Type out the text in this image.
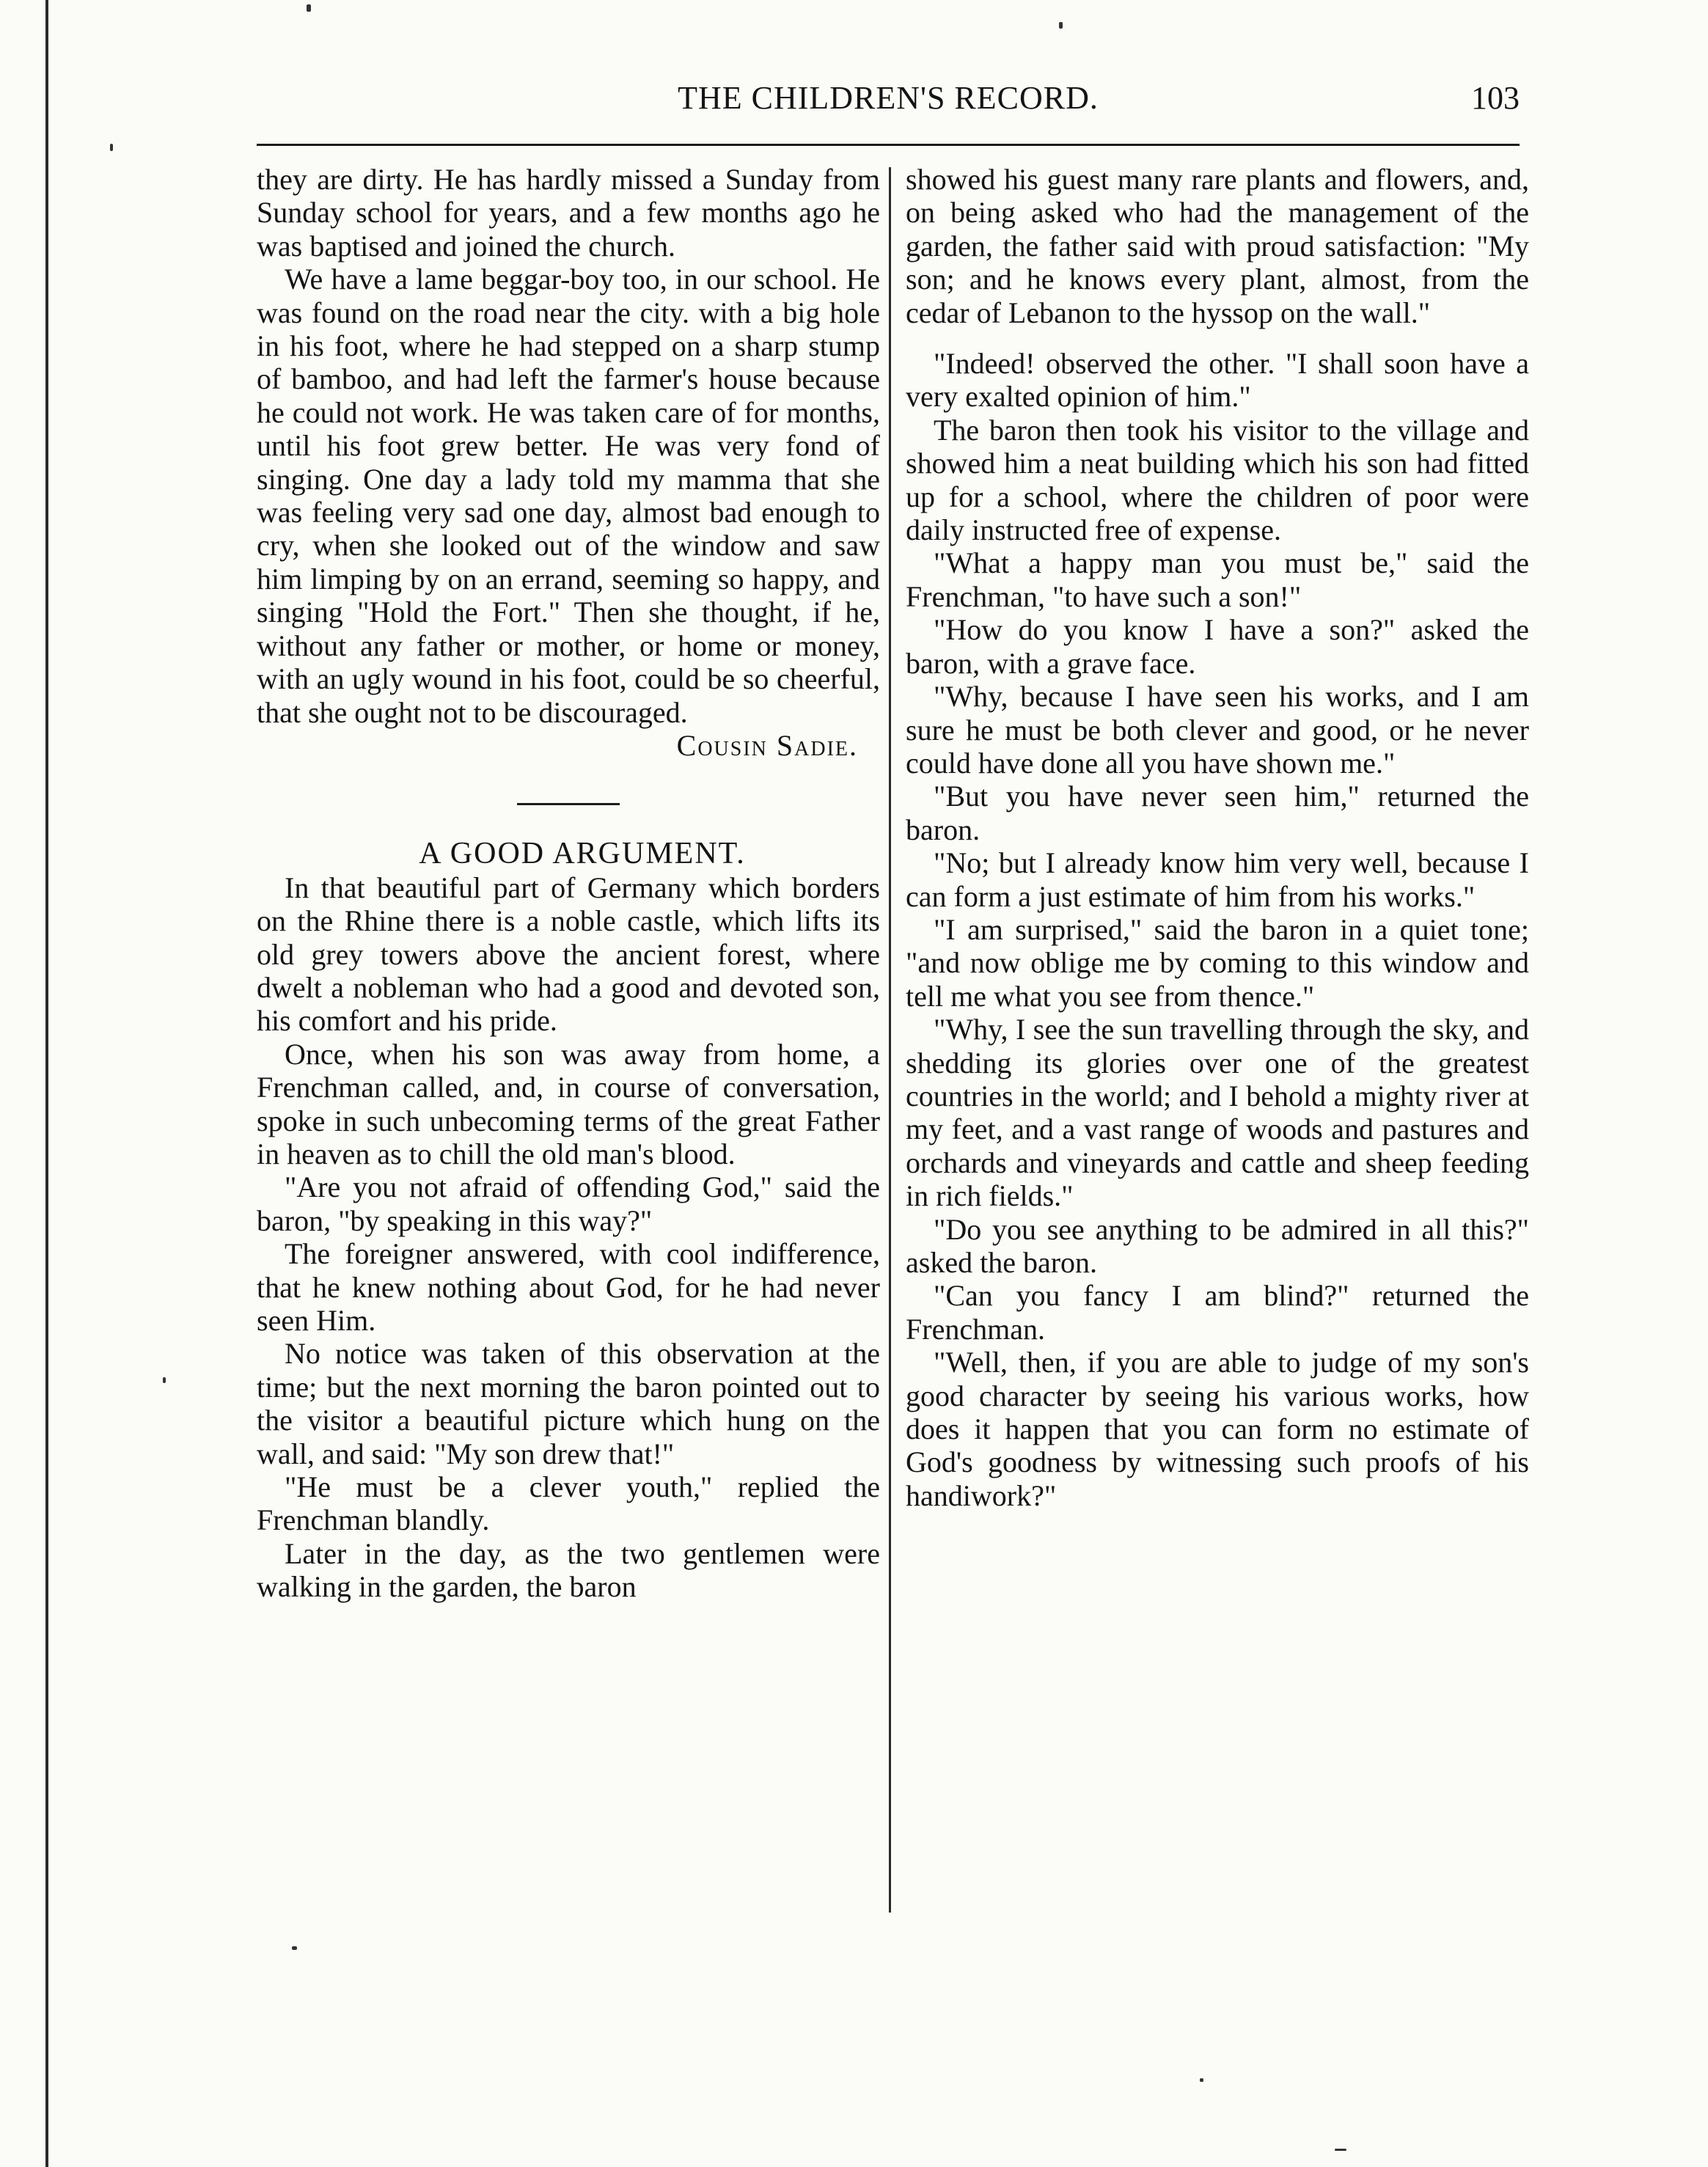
THE CHILDREN'S RECORD.	103

they are dirty. He has hardly missed a Sunday from Sunday school for years, and a few months ago he was baptised and joined the church.

We have a lame beggar-boy too, in our school. He was found on the road near the city. with a big hole in his foot, where he had stepped on a sharp stump of bamboo, and had left the farmer's house because he could not work. He was taken care of for months, until his foot grew better. He was very fond of singing. One day a lady told my mamma that she was feeling very sad one day, almost bad enough to cry, when she looked out of the window and saw him limping by on an errand, seeming so happy, and singing "Hold the Fort." Then she thought, if he, without any father or mother, or home or money, with an ugly wound in his foot, could be so cheerful, that she ought not to be discouraged.

Cousin Sadie.

A GOOD ARGUMENT.

In that beautiful part of Germany which borders on the Rhine there is a noble castle, which lifts its old grey towers above the ancient forest, where dwelt a nobleman who had a good and devoted son, his comfort and his pride.

Once, when his son was away from home, a Frenchman called, and, in course of conversation, spoke in such unbecoming terms of the great Father in heaven as to chill the old man's blood.

"Are you not afraid of offending God," said the baron, "by speaking in this way?"

The foreigner answered, with cool indifference, that he knew nothing about God, for he had never seen Him.

No notice was taken of this observation at the time; but the next morning the baron pointed out to the visitor a beautiful picture which hung on the wall, and said: "My son drew that!"

"He must be a clever youth," replied the Frenchman blandly.

Later in the day, as the two gentlemen were walking in the garden, the baron

showed his guest many rare plants and flowers, and, on being asked who had the management of the garden, the father said with proud satisfaction: "My son; and he knows every plant, almost, from the cedar of Lebanon to the hyssop on the wall."

"Indeed! observed the other. "I shall soon have a very exalted opinion of him."

The baron then took his visitor to the village and showed him a neat building which his son had fitted up for a school, where the children of poor were daily instructed free of expense.

"What a happy man you must be," said the Frenchman, "to have such a son!"

"How do you know I have a son?" asked the baron, with a grave face.

"Why, because I have seen his works, and I am sure he must be both clever and good, or he never could have done all you have shown me."

"But you have never seen him," returned the baron.

"No; but I already know him very well, because I can form a just estimate of him from his works."

"I am surprised," said the baron in a quiet tone; "and now oblige me by coming to this window and tell me what you see from thence."

"Why, I see the sun travelling through the sky, and shedding its glories over one of the greatest countries in the world; and I behold a mighty river at my feet, and a vast range of woods and pastures and orchards and vineyards and cattle and sheep feeding in rich fields."

"Do you see anything to be admired in all this?" asked the baron.

"Can you fancy I am blind?" returned the Frenchman.

"Well, then, if you are able to judge of my son's good character by seeing his various works, how does it happen that you can form no estimate of God's goodness by witnessing such proofs of his handiwork?"
